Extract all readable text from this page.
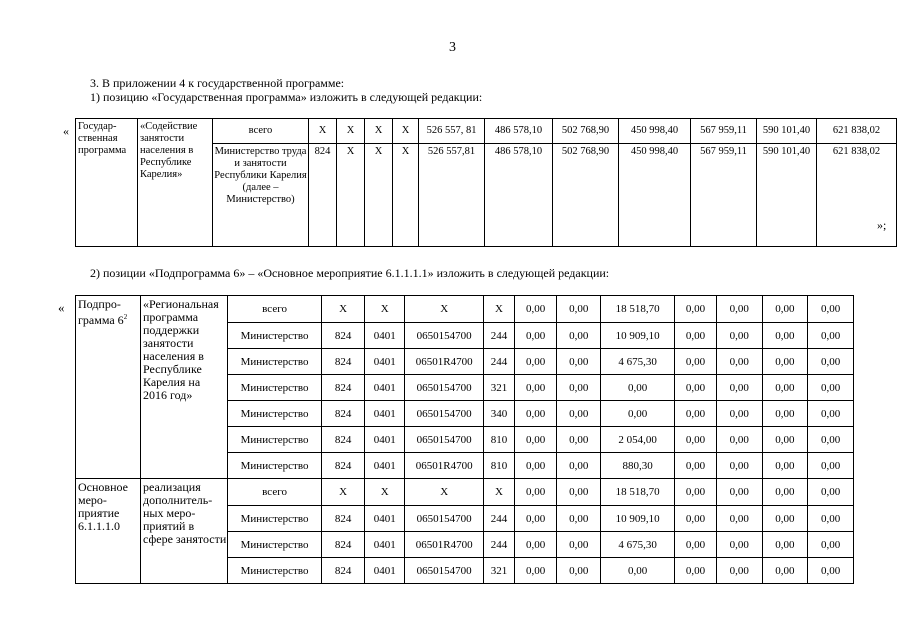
3
3. В приложении 4 к государственной программе:
1) позицию «Государственная программа» изложить в следующей редакции:
«
»;
Государ-ственная программа	«Содействие занятости населения в Республике Карелия»	всего	X	X	X	X	526 557, 81	486 578,10	502 768,90	450 998,40	567 959,11	590 101,40	621 838,02
		Министерство труда и занятости Республики Карелия (далее – Министерство)	824	X	X	X	526 557,81	486 578,10	502 768,90	450 998,40	567 959,11	590 101,40	621 838,02
2) позиции «Подпрограмма 6» – «Основное мероприятие 6.1.1.1.1» изложить в следующей редакции:
« Подпро-грамма $6^2$	«Региональная программа поддержки занятости населения в Республике Карелия на 2016 год»	всего	X	X	X	X	0,00	0,00	18 518,70	0,00	0,00	0,00	0,00
		Министерство	824	0401	0650154700	244	0,00	0,00	10 909,10	0,00	0,00	0,00	0,00
		Министерство	824	0401	06501R4700	244	0,00	0,00	4 675,30	0,00	0,00	0,00	0,00
		Министерство	824	0401	0650154700	321	0,00	0,00	0,00	0,00	0,00	0,00	0,00
		Министерство	824	0401	0650154700	340	0,00	0,00	0,00	0,00	0,00	0,00	0,00
		Министерство	824	0401	0650154700	810	0,00	0,00	2 054,00	0,00	0,00	0,00	0,00
		Министерство	824	0401	06501R4700	810	0,00	0,00	880,30	0,00	0,00	0,00	0,00
Основное меро-приятие 6.1.1.1.0	реализация дополнитель-ных меро-приятий в сфере занятости	всего	X	X	X	X	0,00	0,00	18 518,70	0,00	0,00	0,00	0,00
		Министерство	824	0401	0650154700	244	0,00	0,00	10 909,10	0,00	0,00	0,00	0,00
		Министерство	824	0401	06501R4700	244	0,00	0,00	4 675,30	0,00	0,00	0,00	0,00
		Министерство	824	0401	0650154700	321	0,00	0,00	0,00	0,00	0,00	0,00	0,00
